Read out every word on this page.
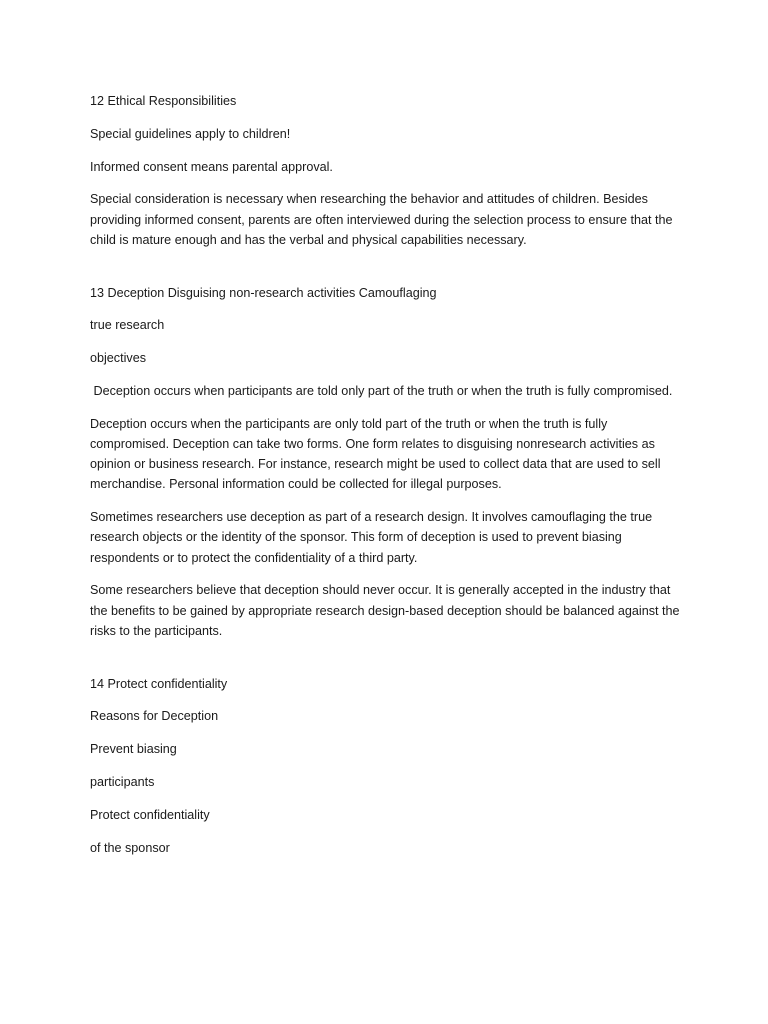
12 Ethical Responsibilities

Special guidelines apply to children!

Informed consent means parental approval.

Special consideration is necessary when researching the behavior and attitudes of children. Besides providing informed consent, parents are often interviewed during the selection process to ensure that the child is mature enough and has the verbal and physical capabilities necessary.

13 Deception Disguising non-research activities Camouflaging

true research

objectives

Deception occurs when participants are told only part of the truth or when the truth is fully compromised.

Deception occurs when the participants are only told part of the truth or when the truth is fully compromised. Deception can take two forms. One form relates to disguising nonresearch activities as opinion or business research. For instance, research might be used to collect data that are used to sell merchandise. Personal information could be collected for illegal purposes.

Sometimes researchers use deception as part of a research design. It involves camouflaging the true research objects or the identity of the sponsor. This form of deception is used to prevent biasing respondents or to protect the confidentiality of a third party.

Some researchers believe that deception should never occur. It is generally accepted in the industry that the benefits to be gained by appropriate research design-based deception should be balanced against the risks to the participants.

14 Protect confidentiality

Reasons for Deception

Prevent biasing

participants

Protect confidentiality

of the sponsor
